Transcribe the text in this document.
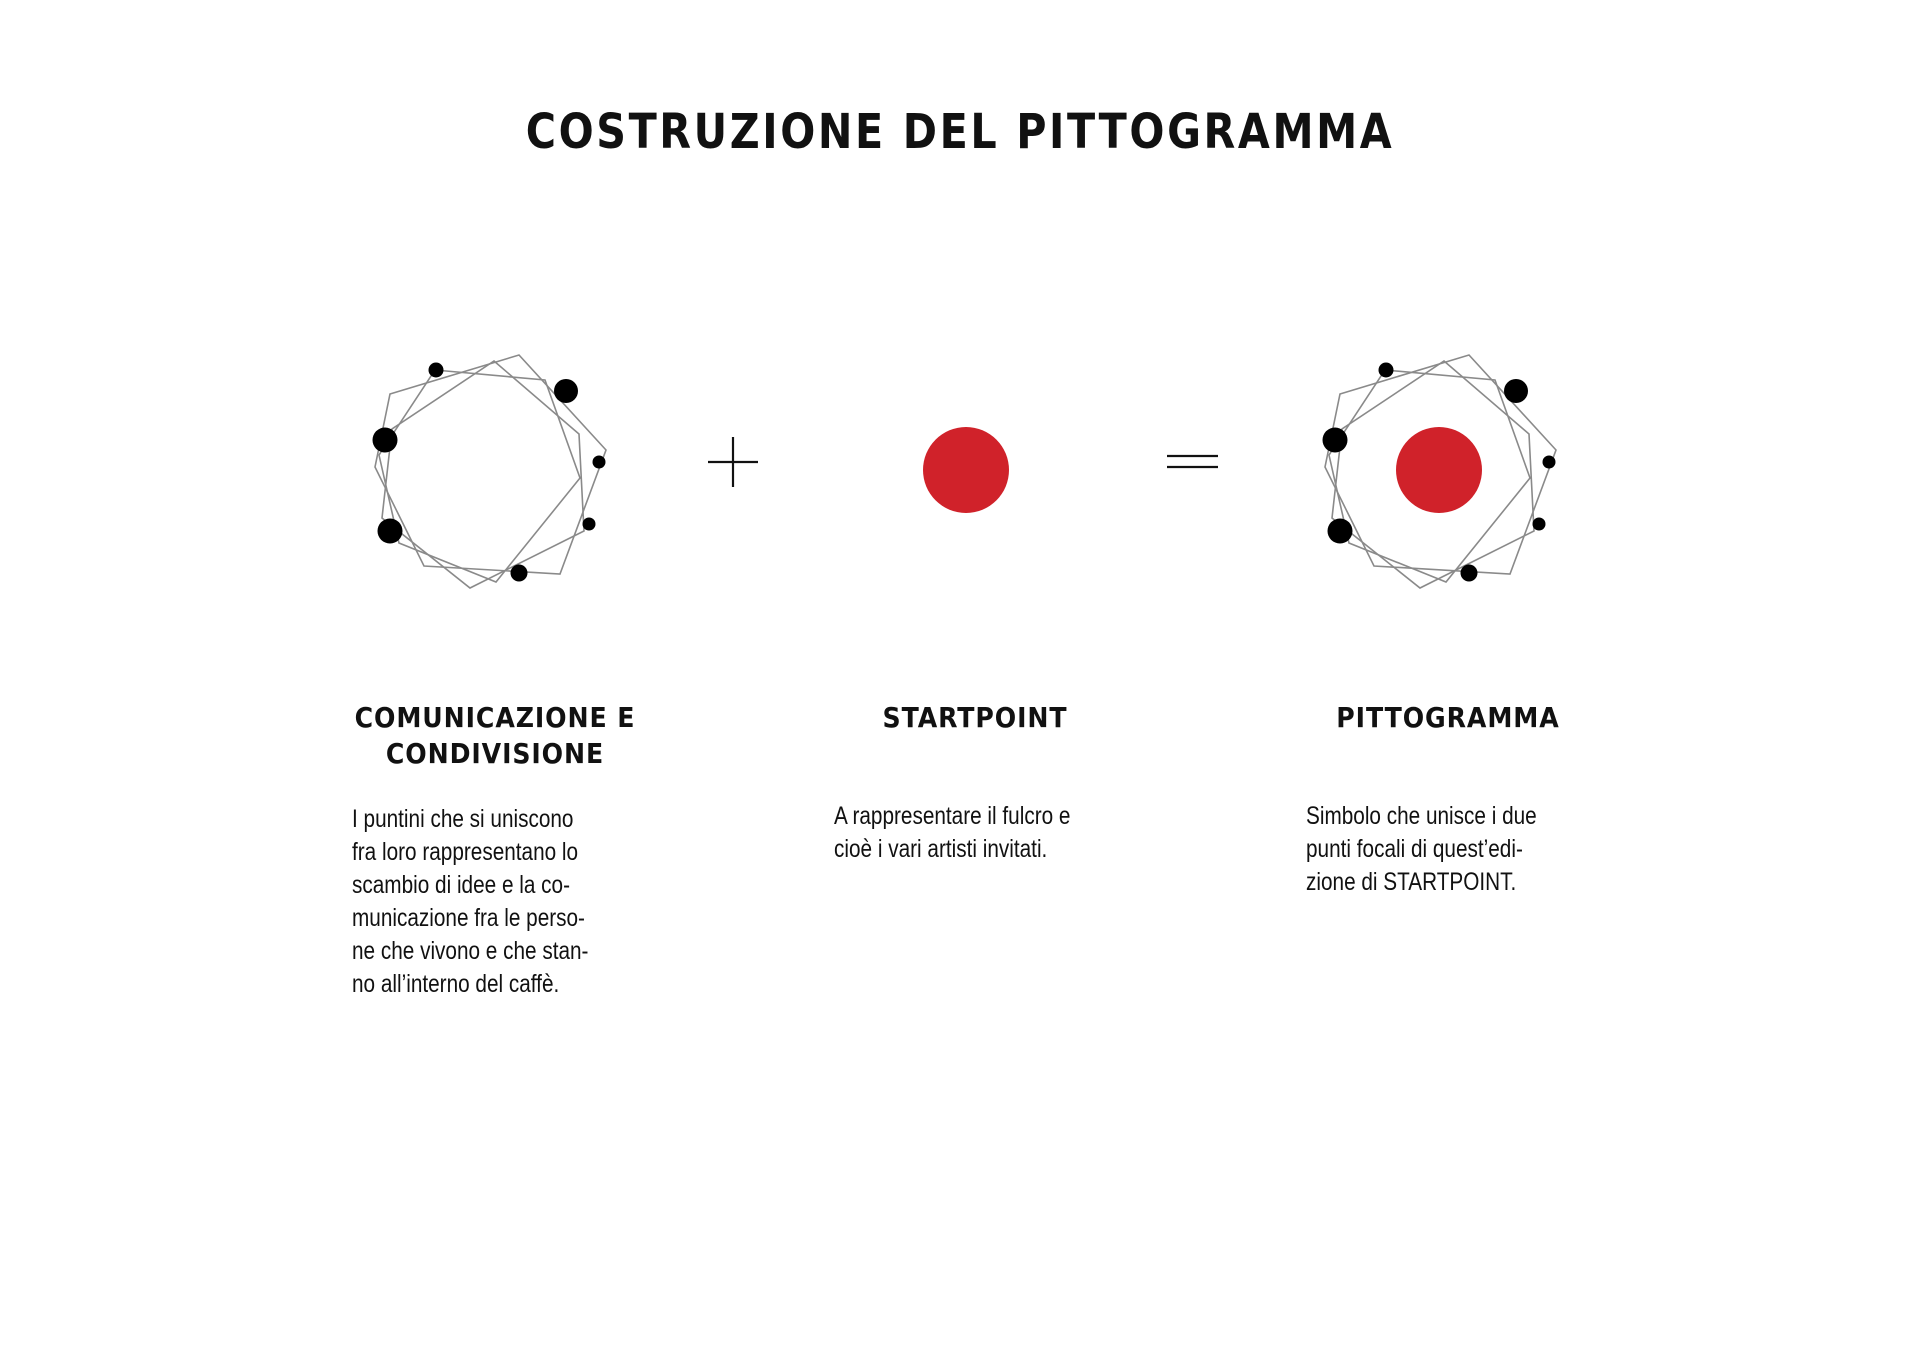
COSTRUZIONE DEL PITTOGRAMMA
COMUNICAZIONE E
CONDIVISIONE

I puntini che si uniscono
fra loro rappresentano lo
scambio di idee e la co-
municazione fra le perso-
ne che vivono e che stan-
no all’interno del caffè.

STARTPOINT

A rappresentare il fulcro e
cioè i vari artisti invitati.

PITTOGRAMMA

Simbolo che unisce i due
punti focali di quest’edi-
zione di STARTPOINT.
